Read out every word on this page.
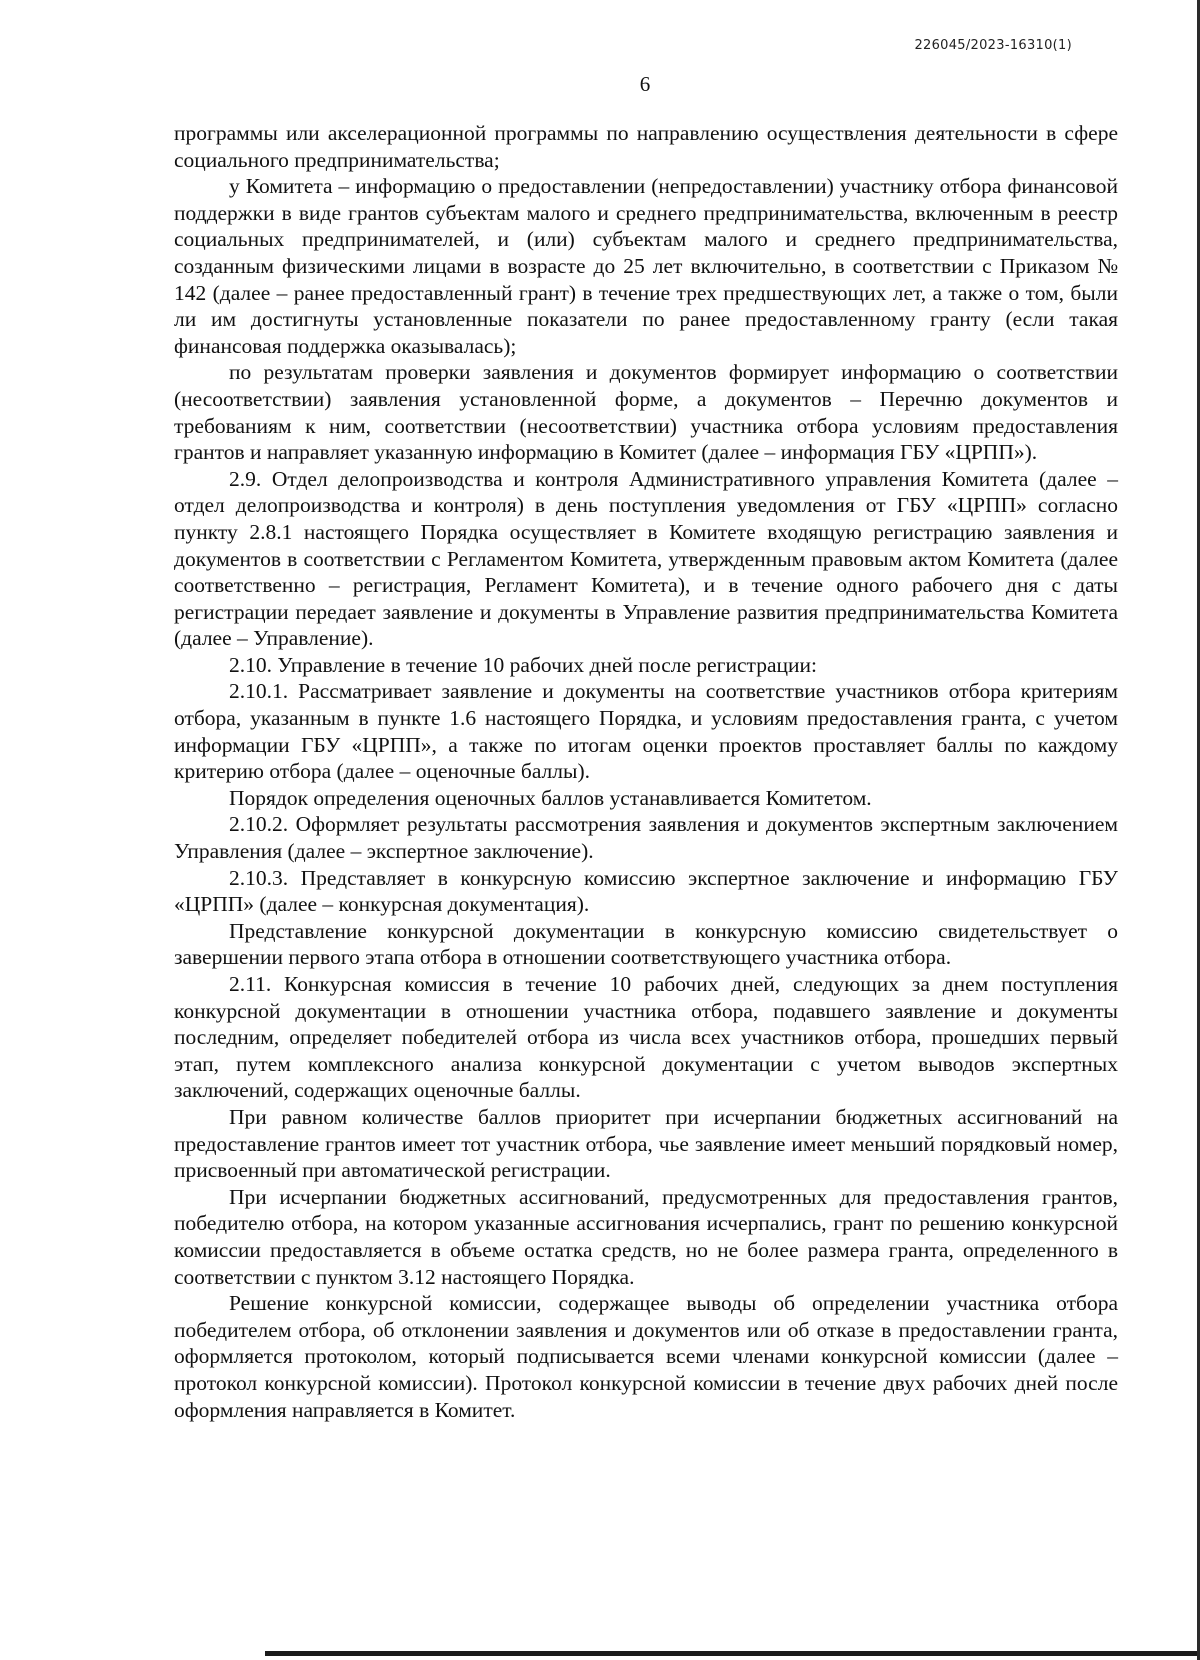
226045/2023-16310(1)
6

программы или акселерационной программы по направлению осуществления деятельности в сфере социального предпринимательства;

у Комитета – информацию о предоставлении (непредоставлении) участнику отбора финансовой поддержки в виде грантов субъектам малого и среднего предпринимательства, включенным в реестр социальных предпринимателей, и (или) субъектам малого и среднего предпринимательства, созданным физическими лицами в возрасте до 25 лет включительно, в соответствии с Приказом № 142 (далее – ранее предоставленный грант) в течение трех предшествующих лет, а также о том, были ли им достигнуты установленные показатели по ранее предоставленному гранту (если такая финансовая поддержка оказывалась);

по результатам проверки заявления и документов формирует информацию о соответствии (несоответствии) заявления установленной форме, а документов – Перечню документов и требованиям к ним, соответствии (несоответствии) участника отбора условиям предоставления грантов и направляет указанную информацию в Комитет (далее – информация ГБУ «ЦРПП»).

2.9. Отдел делопроизводства и контроля Административного управления Комитета (далее – отдел делопроизводства и контроля) в день поступления уведомления от ГБУ «ЦРПП» согласно пункту 2.8.1 настоящего Порядка осуществляет в Комитете входящую регистрацию заявления и документов в соответствии с Регламентом Комитета, утвержденным правовым актом Комитета (далее соответственно – регистрация, Регламент Комитета), и в течение одного рабочего дня с даты регистрации передает заявление и документы в Управление развития предпринимательства Комитета (далее – Управление).

2.10. Управление в течение 10 рабочих дней после регистрации:

2.10.1. Рассматривает заявление и документы на соответствие участников отбора критериям отбора, указанным в пункте 1.6 настоящего Порядка, и условиям предоставления гранта, с учетом информации ГБУ «ЦРПП», а также по итогам оценки проектов проставляет баллы по каждому критерию отбора (далее – оценочные баллы).

Порядок определения оценочных баллов устанавливается Комитетом.

2.10.2. Оформляет результаты рассмотрения заявления и документов экспертным заключением Управления (далее – экспертное заключение).

2.10.3. Представляет в конкурсную комиссию экспертное заключение и информацию ГБУ «ЦРПП» (далее – конкурсная документация).

Представление конкурсной документации в конкурсную комиссию свидетельствует о завершении первого этапа отбора в отношении соответствующего участника отбора.

2.11. Конкурсная комиссия в течение 10 рабочих дней, следующих за днем поступления конкурсной документации в отношении участника отбора, подавшего заявление и документы последним, определяет победителей отбора из числа всех участников отбора, прошедших первый этап, путем комплексного анализа конкурсной документации с учетом выводов экспертных заключений, содержащих оценочные баллы.

При равном количестве баллов приоритет при исчерпании бюджетных ассигнований на предоставление грантов имеет тот участник отбора, чье заявление имеет меньший порядковый номер, присвоенный при автоматической регистрации.

При исчерпании бюджетных ассигнований, предусмотренных для предоставления грантов, победителю отбора, на котором указанные ассигнования исчерпались, грант по решению конкурсной комиссии предоставляется в объеме остатка средств, но не более размера гранта, определенного в соответствии с пунктом 3.12 настоящего Порядка.

Решение конкурсной комиссии, содержащее выводы об определении участника отбора победителем отбора, об отклонении заявления и документов или об отказе в предоставлении гранта, оформляется протоколом, который подписывается всеми членами конкурсной комиссии (далее – протокол конкурсной комиссии). Протокол конкурсной комиссии в течение двух рабочих дней после оформления направляется в Комитет.
